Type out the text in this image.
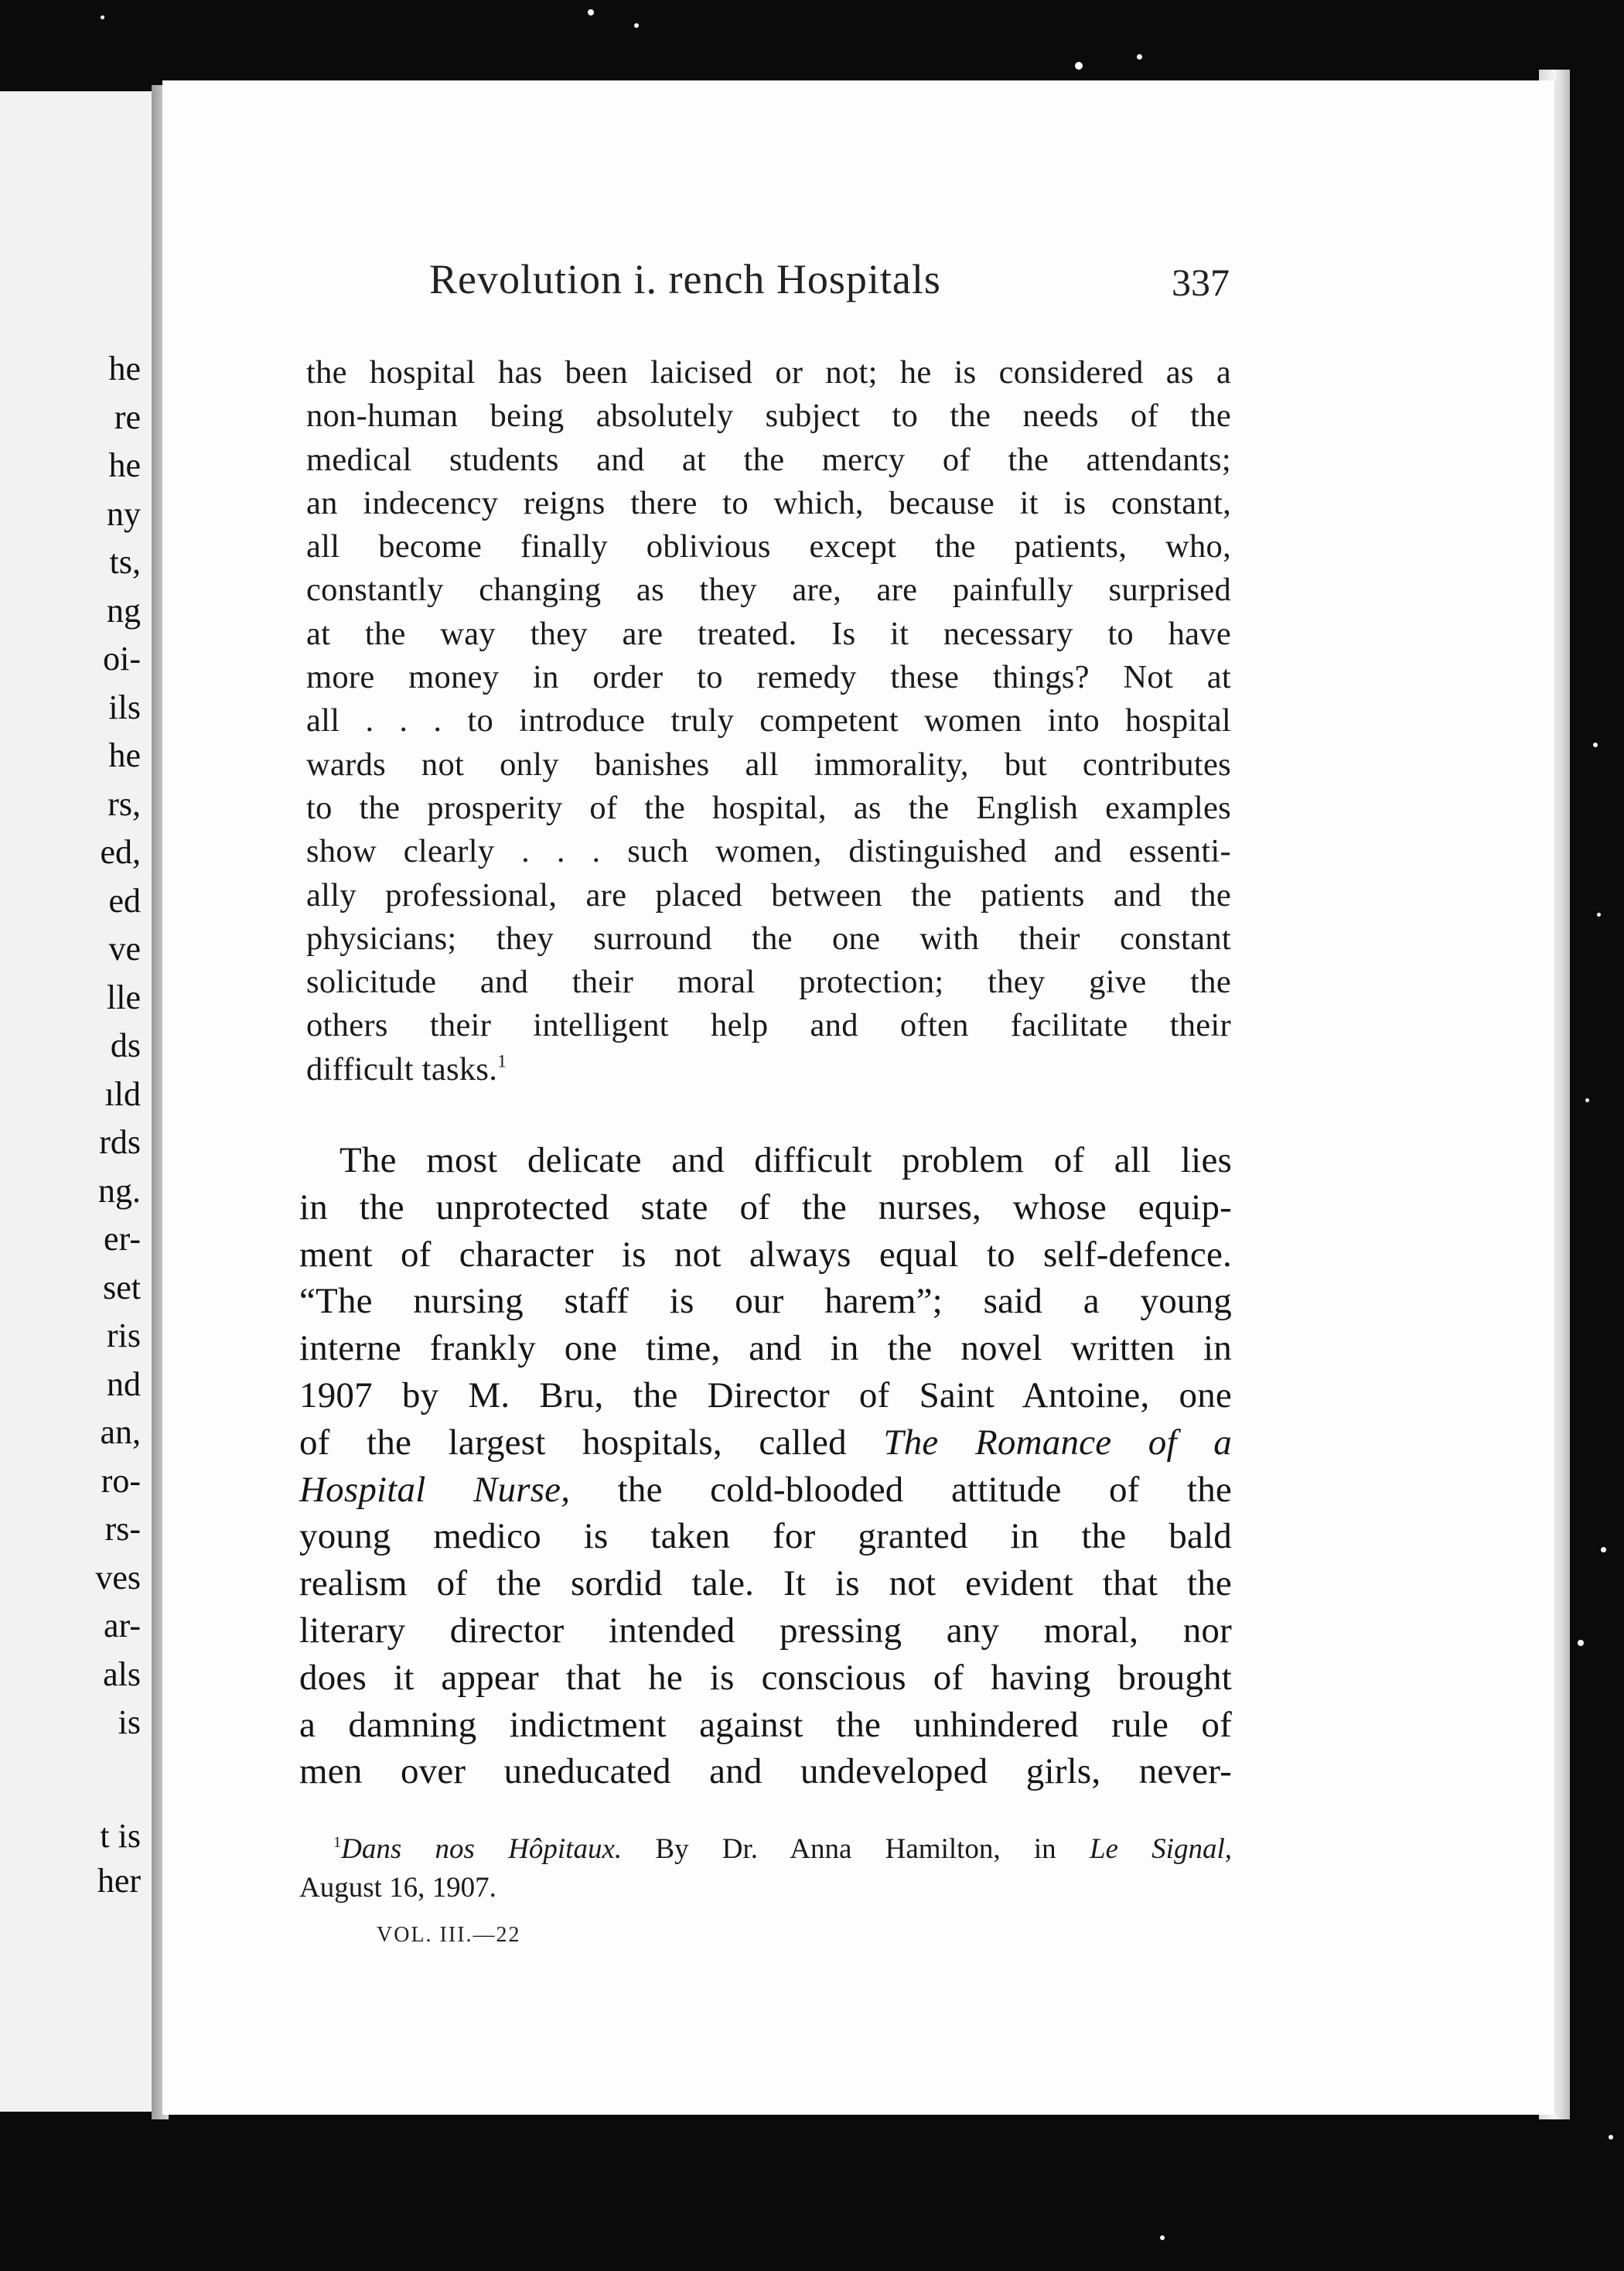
he
re
he
ny
ts,
ng
oi-
ils
he
rs,
ed,
ed
ve
lle
ds
ıld
rds
ng.
er-
set
ris
nd
an,
ro-
rs-
ves
ar-
als
is
t is
her
Revolution i. rench Hospitals	337
the hospital has been laicised or not; he is considered as a
non-human being absolutely subject to the needs of the
medical students and at the mercy of the attendants;
an indecency reigns there to which, because it is constant,
all become finally oblivious except the patients, who,
constantly changing as they are, are painfully surprised
at the way they are treated. Is it necessary to have
more money in order to remedy these things? Not at
all . . . to introduce truly competent women into hospital
wards not only banishes all immorality, but contributes
to the prosperity of the hospital, as the English examples
show clearly . . . such women, distinguished and essenti-
ally professional, are placed between the patients and the
physicians; they surround the one with their constant
solicitude and their moral protection; they give the
others their intelligent help and often facilitate their
difficult tasks.$^1$
The most delicate and difficult problem of all lies
in the unprotected state of the nurses, whose equip-
ment of character is not always equal to self-defence.
“The nursing staff is our harem”; said a young
interne frankly one time, and in the novel written in
1907 by M. Bru, the Director of Saint Antoine, one
of the largest hospitals, called The Romance of a
Hospital Nurse, the cold-blooded attitude of the
young medico is taken for granted in the bald
realism of the sordid tale. It is not evident that the
literary director intended pressing any moral, nor
does it appear that he is conscious of having brought
a damning indictment against the unhindered rule of
men over uneducated and undeveloped girls, never-
$^1$Dans nos Hôpitaux. By Dr. Anna Hamilton, in Le Signal,
August 16, 1907.
VOL. III.—22
